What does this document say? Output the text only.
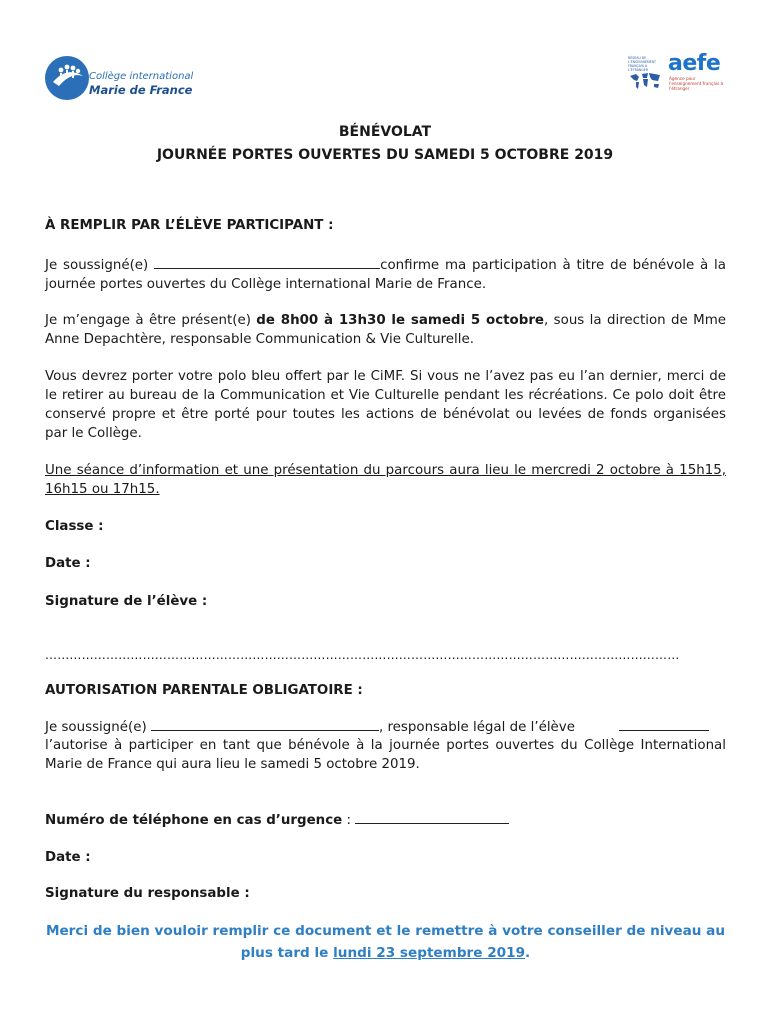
Collège international
Marie de France
RÉSEAU DE L'ENSEIGNEMENT FRANÇAIS À L'ÉTRANGER aefe
Agence pour l'enseignement français à l'étranger
BÉNÉVOLAT
JOURNÉE PORTES OUVERTES DU SAMEDI 5 OCTOBRE 2019
À REMPLIR PAR L’ÉLÈVE PARTICIPANT :
Je soussigné(e)	confirme ma participation à titre de bénévole à la journée portes ouvertes du Collège international Marie de France.
Je m’engage à être présent(e) de 8h00 à 13h30 le samedi 5 octobre, sous la direction de Mme Anne Depachtère, responsable Communication & Vie Culturelle.
Vous devrez porter votre polo bleu offert par le CiMF. Si vous ne l’avez pas eu l’an dernier, merci de le retirer au bureau de la Communication et Vie Culturelle pendant les récréations. Ce polo doit être conservé propre et être porté pour toutes les actions de bénévolat ou levées de fonds organisées par le Collège.
Une séance d’information et une présentation du parcours aura lieu le mercredi 2 octobre à 15h15, 16h15 ou 17h15.
Classe :
Date :
Signature de l’élève :
…………………………………………………………………………………………………………………………………………
AUTORISATION PARENTALE OBLIGATOIRE :
Je soussigné(e)	, responsable légal de l’élève
l’autorise à participer en tant que bénévole à la journée portes ouvertes du Collège International Marie de France qui aura lieu le samedi 5 octobre 2019.
Numéro de téléphone en cas d’urgence :
Date :
Signature du responsable :
Merci de bien vouloir remplir ce document et le remettre à votre conseiller de niveau au plus tard le lundi 23 septembre 2019.
